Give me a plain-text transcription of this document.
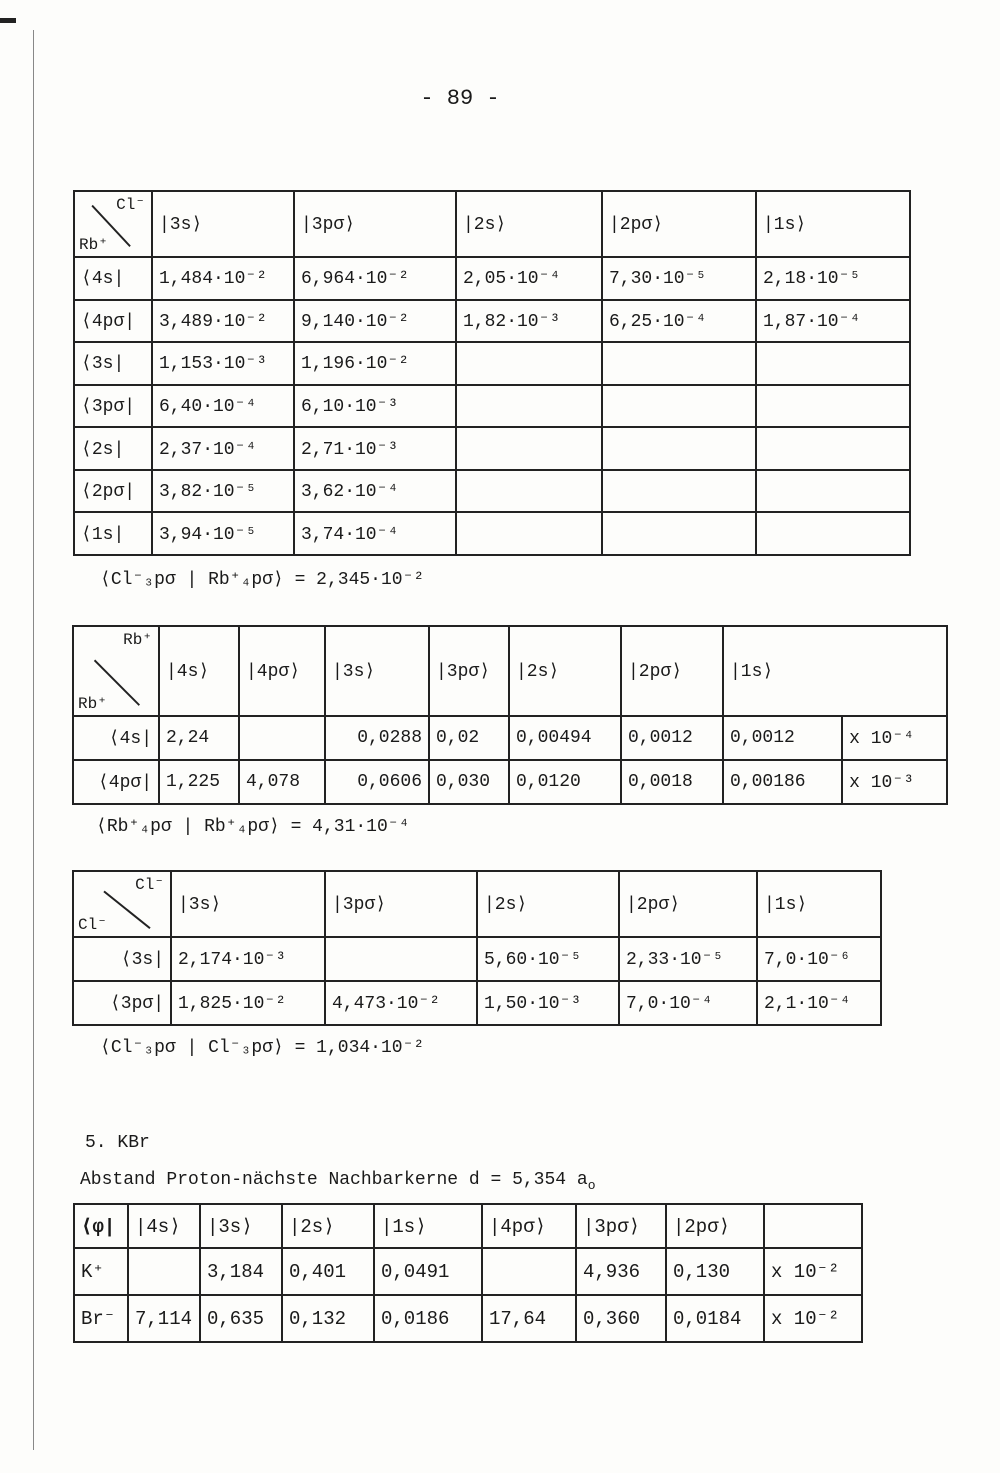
- 89 -
Cl⁻
Rb⁺	|3s⟩	|3pσ⟩	|2s⟩	|2pσ⟩	|1s⟩
⟨4s|	1,484·10⁻²	6,964·10⁻²	2,05·10⁻⁴	7,30·10⁻⁵	2,18·10⁻⁵
⟨4pσ|	3,489·10⁻²	9,140·10⁻²	1,82·10⁻³	6,25·10⁻⁴	1,87·10⁻⁴
⟨3s|	1,153·10⁻³	1,196·10⁻²			
⟨3pσ|	6,40·10⁻⁴	6,10·10⁻³			
⟨2s|	2,37·10⁻⁴	2,71·10⁻³			
⟨2pσ|	3,82·10⁻⁵	3,62·10⁻⁴			
⟨1s|	3,94·10⁻⁵	3,74·10⁻⁴			
⟨Cl⁻₃pσ | Rb⁺₄pσ⟩ = 2,345·10⁻²
Rb⁺
Rb⁺	|4s⟩	|4pσ⟩	|3s⟩	|3pσ⟩	|2s⟩	|2pσ⟩	|1s⟩	
⟨4s|	2,24		0,0288	0,02	0,00494	0,0012	0,0012	x 10⁻⁴
⟨4pσ|	1,225	4,078	0,0606	0,030	0,0120	0,0018	0,00186	x 10⁻³
⟨Rb⁺₄pσ | Rb⁺₄pσ⟩ = 4,31·10⁻⁴
Cl⁻
Cl⁻	|3s⟩	|3pσ⟩	|2s⟩	|2pσ⟩	|1s⟩
⟨3s|	2,174·10⁻³		5,60·10⁻⁵	2,33·10⁻⁵	7,0·10⁻⁶
⟨3pσ|	1,825·10⁻²	4,473·10⁻²	1,50·10⁻³	7,0·10⁻⁴	2,1·10⁻⁴
⟨Cl⁻₃pσ | Cl⁻₃pσ⟩ = 1,034·10⁻²
5. KBr
Abstand Proton-nächste Nachbarkerne d = 5,354 $a_o$
⟨φ|	|4s⟩	|3s⟩	|2s⟩	|1s⟩	|4pσ⟩	|3pσ⟩	|2pσ⟩	
K⁺		3,184	0,401	0,0491		4,936	0,130	x 10⁻²
Br⁻	7,114	0,635	0,132	0,0186	17,64	0,360	0,0184	x 10⁻²
